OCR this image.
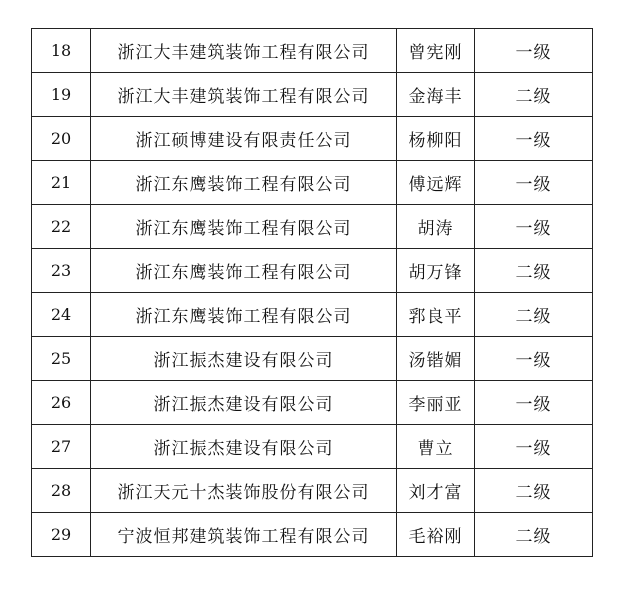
18	浙江大丰建筑装饰工程有限公司	曾宪刚	一级
19	浙江大丰建筑装饰工程有限公司	金海丰	二级
20	浙江硕博建设有限责任公司	杨柳阳	一级
21	浙江东鹰装饰工程有限公司	傅远辉	一级
22	浙江东鹰装饰工程有限公司	胡涛	一级
23	浙江东鹰装饰工程有限公司	胡万锋	二级
24	浙江东鹰装饰工程有限公司	郛良平	二级
25	浙江振杰建设有限公司	汤锴媚	一级
26	浙江振杰建设有限公司	李丽亚	一级
27	浙江振杰建设有限公司	曹立	一级
28	浙江天元十杰装饰股份有限公司	刘才富	二级
29	宁波恒邦建筑装饰工程有限公司	毛裕刚	二级
